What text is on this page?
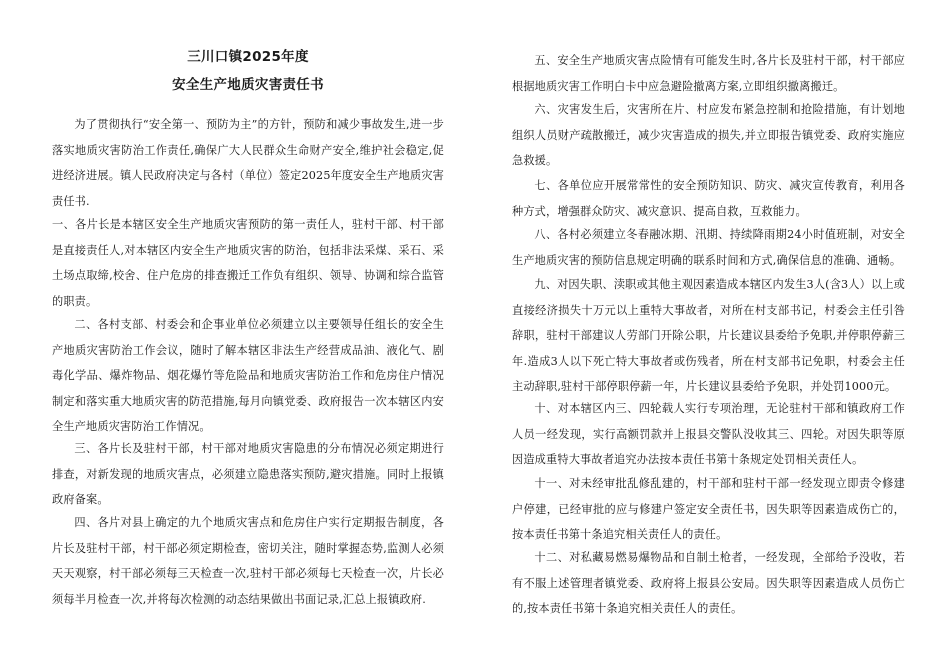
三川口镇2025年度
安全生产地质灾害责任书

为了贯彻执行“安全第一、预防为主”的方针，预防和减少事故发生,进一步落实地质灾害防治工作责任,确保广大人民群众生命财产安全,维护社会稳定,促进经济进展。镇人民政府决定与各村（单位）签定2025年度安全生产地质灾害责任书.

一、各片长是本辖区安全生产地质灾害预防的第一责任人，驻村干部、村干部是直接责任人,对本辖区内安全生产地质灾害的防治，包括非法采煤、采石、采土场点取缔,校舍、住户危房的排查搬迁工作负有组织、领导、协调和综合监管的职责。

二、各村支部、村委会和企事业单位必须建立以主要领导任组长的安全生产地质灾害防治工作会议，随时了解本辖区非法生产经营成品油、液化气、剧毒化学品、爆炸物品、烟花爆竹等危险品和地质灾害防治工作和危房住户情况制定和落实重大地质灾害的防范措施,每月向镇党委、政府报告一次本辖区内安全生产地质灾害防治工作情况。

三、各片长及驻村干部，村干部对地质灾害隐患的分布情况必须定期进行排查，对新发现的地质灾害点，必须建立隐患落实预防,避灾措施。同时上报镇政府备案。

四、各片对县上确定的九个地质灾害点和危房住户实行定期报告制度，各片长及驻村干部，村干部必须定期检查，密切关注，随时掌握态势,监测人必须天天观察，村干部必须每三天检查一次,驻村干部必须每七天检查一次，片长必须每半月检查一次,并将每次检测的动态结果做出书面记录,汇总上报镇政府.

五、安全生产地质灾害点险情有可能发生时,各片长及驻村干部，村干部应根据地质灾害工作明白卡中应急避险撤离方案,立即组织撤离搬迁。

六、灾害发生后，灾害所在片、村应发布紧急控制和抢险措施，有计划地组织人员财产疏散搬迁，减少灾害造成的损失,并立即报告镇党委、政府实施应急救援。

七、各单位应开展常常性的安全预防知识、防灾、减灾宣传教育，利用各种方式，增强群众防灾、减灾意识、提高自救，互救能力。

八、各村必须建立冬春融冰期、汛期、持续降雨期24小时值班制，对安全生产地质灾害的预防信息规定明确的联系时间和方式,确保信息的准确、通畅。

九、对因失职、渎职或其他主观因素造成本辖区内发生3人(含3人）以上或直接经济损失十万元以上重特大事故者，对所在村支部书记，村委会主任引咎辞职，驻村干部建议人劳部门开除公职，片长建议县委给予免职,并停职停薪三年.造成3人以下死亡特大事故者或伤残者，所在村支部书记免职，村委会主任主动辞职,驻村干部停职停薪一年，片长建议县委给予免职，并处罚1000元。

十、对本辖区内三、四轮载人实行专项治理，无论驻村干部和镇政府工作人员一经发现，实行高额罚款并上报县交警队没收其三、四轮。对因失职等原因造成重特大事故者追究办法按本责任书第十条规定处罚相关责任人。

十一、对未经审批乱修乱建的，村干部和驻村干部一经发现立即责令修建户停建，已经审批的应与修建户签定安全责任书，因失职等因素造成伤亡的，按本责任书第十条追究相关责任人的责任。

十二、对私藏易燃易爆物品和自制土枪者，一经发现，全部给予没收，若有不服上述管理者镇党委、政府将上报县公安局。因失职等因素造成人员伤亡的,按本责任书第十条追究相关责任人的责任。
